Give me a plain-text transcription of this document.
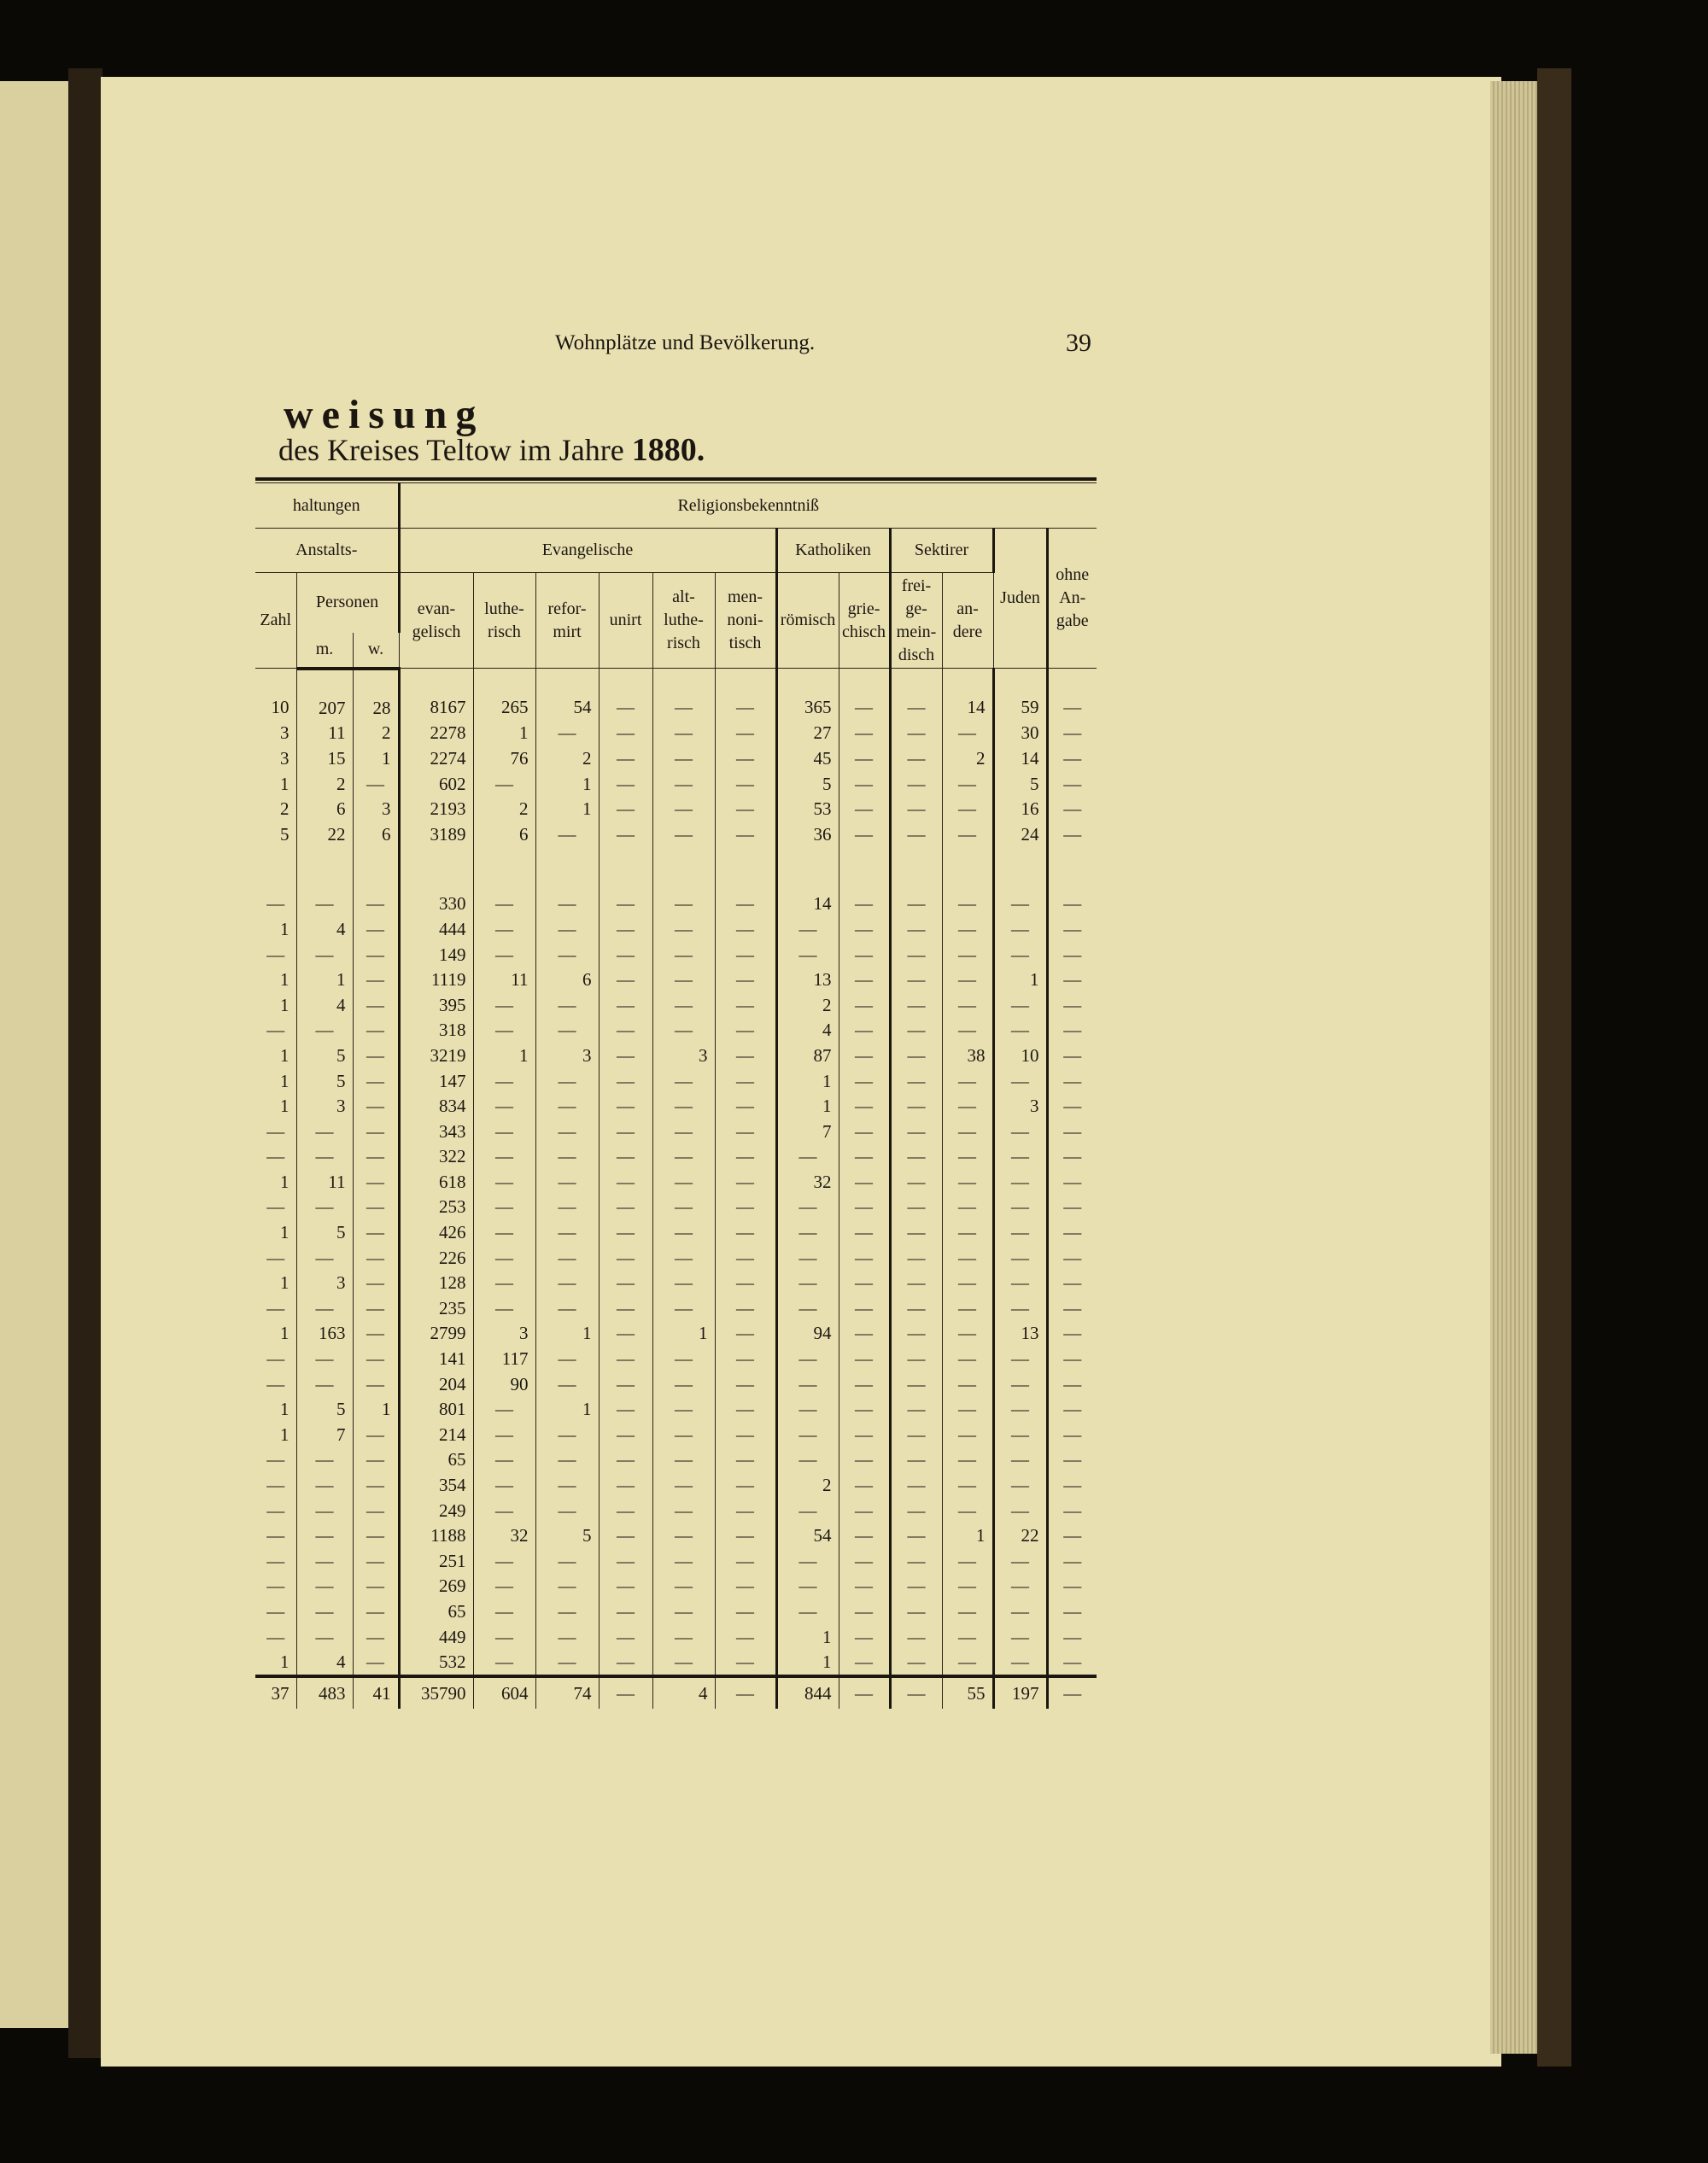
Wohnplätze und Bevölkerung.	39
weisung
des Kreises Teltow im Jahre 1880.
haltungen			Religionsbekenntniß											
Anstalts-			Evangelische						Katholiken		Sektirer		Juden	ohne An-gabe
Zahl	Personen		evan-gelisch	luthe-risch	refor-mirt	unirt	alt-luthe-risch	men-noni-tisch	römisch	grie-chisch	frei-ge-mein-disch	an-dere		
	m.	w.												
10	207	28	8167	265	54	—	—	—	365	—	—	14	59	—
3	11	2	2278	1	—	—	—	—	27	—	—	—	30	—
3	15	1	2274	76	2	—	—	—	45	—	—	2	14	—
1	2	—	602	—	1	—	—	—	5	—	—	—	5	—
2	6	3	2193	2	1	—	—	—	53	—	—	—	16	—
5	22	6	3189	6	—	—	—	—	36	—	—	—	24	—

—	—	—	330	—	—	—	—	—	14	—	—	—	—	—
1	4	—	444	—	—	—	—	—	—	—	—	—	—	—
—	—	—	149	—	—	—	—	—	—	—	—	—	—	—
1	1	—	1119	11	6	—	—	—	13	—	—	—	1	—
1	4	—	395	—	—	—	—	—	2	—	—	—	—	—
—	—	—	318	—	—	—	—	—	4	—	—	—	—	—
1	5	—	3219	1	3	—	3	—	87	—	—	38	10	—
1	5	—	147	—	—	—	—	—	1	—	—	—	—	—
1	3	—	834	—	—	—	—	—	1	—	—	—	3	—
—	—	—	343	—	—	—	—	—	7	—	—	—	—	—
—	—	—	322	—	—	—	—	—	—	—	—	—	—	—
1	11	—	618	—	—	—	—	—	32	—	—	—	—	—
—	—	—	253	—	—	—	—	—	—	—	—	—	—	—
1	5	—	426	—	—	—	—	—	—	—	—	—	—	—
—	—	—	226	—	—	—	—	—	—	—	—	—	—	—
1	3	—	128	—	—	—	—	—	—	—	—	—	—	—
—	—	—	235	—	—	—	—	—	—	—	—	—	—	—
1	163	—	2799	3	1	—	1	—	94	—	—	—	13	—
—	—	—	141	117	—	—	—	—	—	—	—	—	—	—
—	—	—	204	90	—	—	—	—	—	—	—	—	—	—
1	5	1	801	—	1	—	—	—	—	—	—	—	—	—
1	7	—	214	—	—	—	—	—	—	—	—	—	—	—
—	—	—	65	—	—	—	—	—	—	—	—	—	—	—
—	—	—	354	—	—	—	—	—	2	—	—	—	—	—
—	—	—	249	—	—	—	—	—	—	—	—	—	—	—
—	—	—	1188	32	5	—	—	—	54	—	—	1	22	—
—	—	—	251	—	—	—	—	—	—	—	—	—	—	—
—	—	—	269	—	—	—	—	—	—	—	—	—	—	—
—	—	—	65	—	—	—	—	—	—	—	—	—	—	—
—	—	—	449	—	—	—	—	—	1	—	—	—	—	—
1	4	—	532	—	—	—	—	—	1	—	—	—	—	—
37	483	41	35790	604	74	—	4	—	844	—	—	55	197	—
